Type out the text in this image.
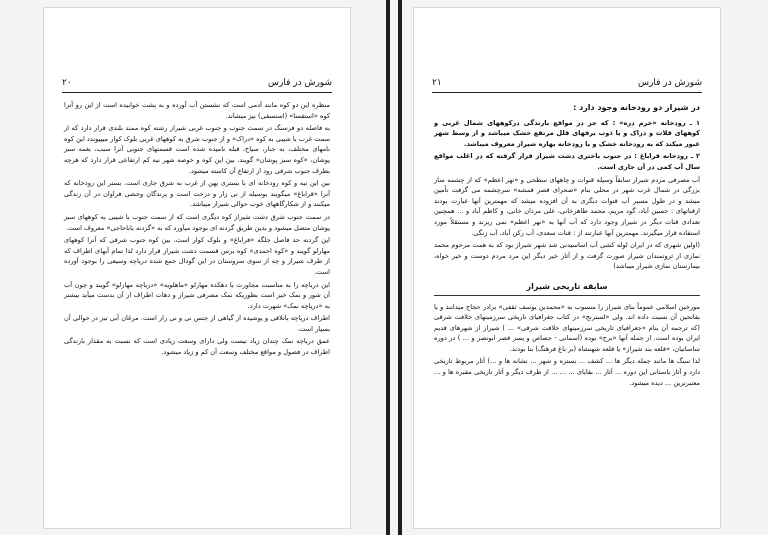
شورش در فارس
۲۰

منظره این دو کوه مانند آدمی است که نشستن آب آورده و به پشت خوابیده است از این رو آنرا کوه «استقسا» (استسقی) نیز میشاند.

به فاصله دو فرسنگ در سمت جنوب و جنوب غربی شیراز رشته کوه ممند بلندی قرار دارد که از سمت غرب با شیبی به کوه «دراک» و از جنوب شرق به کوههای غربی بلوک کوار میپیوندد این کوه نامهای مختلف، به جنار، سیاخ، قبله نامیده شده است قسمتهای جنوبی آنرا سبب، بغمه سبز پوشان، «کوه سبز پوشان» گویند. بین این کوه و خوصه شهر نیه کم ارتفاعی قرار دارد که هرچه بطرف جنوب شرقی رود از ارتفاع آن کاسته میشود.

بین این نیه و کوه رودخانه ای با بستری پهن از غرب به شرق جاری است. بستر این رودخانه که آنرا «قراباغ» میگویند بوسیله از نی زار و درخت است و پرندگان وحشی فراوان در آن زندگی میکنند و از شکارگاههای خوب حوالی شیراز میباشد.

در سمت جنوب شرق دشت شیراز کوه دیگری است که از سمت جنوب با شیبی به کوههای سبز پوشان متصل میشود و بدین طریق گردنه ای بوجود میآورد که به «گردنه باباحاجی» معروف است.

این گردنه حد فاصل جلگه «قراباغ» و بلوک کوار است. بین کوه جنوب شرقی که آنرا کوههای مهارلو گویند و «کوه احمدی» کوه برس قسمت دشت شیراز قرار دارد لذا تمام آبهای اطراف که از طرف شیراز و چه از سوی سروستان در این گودال جمع شده دریاچه وسیعی را بوجود آورده است.

این دریاچه را به مناسبت مجاورت با دهکده مهارلو «ماهلویه» «دریاچه مهارلو» گویند و چون آب آن شور و نمک خیز است بطوریکه نمک مصرفی شیراز و دهات اطراف از آن بدست میآید بیشتر به «دریاچه نمک» شهرت دارد.

اطراف دریاچه باتلاقی و پوشیده از گیاهی از جنس نی و نی زار است. مرغان آبی نیز در حوالی آن بسیار است.

عمق دریاچه نمک چندان زیاد نیست ولی دارای وسعت زیادی است که نسبت به مقدار بارندگی اطراف در فصول و مواقع مختلف وسعت آن کم و زیاد میشود.

شورش در فارس
۲۱
در شیراز دو رودخانه وجود دارد :

۱ ـ رودخانه «خرم دره» : که جز در مواقع بارندگی درکوههای شمال غربی و کوههای قلات و دراک و یا ذوب برفهای قلل مرتفع خشک میباشد و از وسط شهر عبور میکند که به رودخانه خشک و یا رودخانه بهاره شیراز معروف میباشد.

۲ ـ رودخانه قراباغ : در جنوب باختری دشت شیراز قرار گرفته که در اغلب مواقع سال آب کمی در آن جاری است.

آب مصرفی مردم شیراز سابقاً وسیله قنوات و چاههای سطحی و «نهر اعظم» که از چشمه سار بزرگی در شمال غرب شهر در محلی بنام «صحرای قصر قمشه» سرچشمه می گرفت تأمین میشد و در طول مسیر آب قنوات دیگری به آن افزوده میشد که مهمترین آنها عبارت بودند ازقناتهای : حسین آباد، گود مریم، محمد طاهرخانی، علی مردان خانی، و کاظم آباد و ... همچنین تعدادی قنات دیگر در شیراز وجود دارد که آب آنها به «نهر اعظم» نمی ریزند و مستقلاً مورد استفاده قرار میگیرند. مهمترین آنها عبارتند از : قنات سعدی، آب رکن آباد، آب زنگی.

(اولین شهری که در ایران لوله کشی آب اساسیدنی شد شهر شیراز بود که به همت مرحوم محمد نمازی از ثروتمندان شیراز صورت گرفت و از آثار خیر دیگر این مرد مردم دوست و خیر خواه، بیمارستان نمازی شیراز میباشد)

سابقه تاریخی شیراز

مورخین اسلامی عموماً بنای شیراز را منسوب به «محمدبن یوسف ثقفی» برادر حجاج میدانند و یا بفاتحین آن نسبت داده اند. ولی «لسترنج» در کتاب جغرافیای تاریخی سرزمینهای خلافت شرقی (که ترجمه آن بنام «جغرافیای تاریخی سرزمینهای خلافت شرقی» ... ) شیراز از شهرهای قدیم ایران بوده است. از جمله آنها «برج» بوده (آسمانی - جصاص و پسر قصر ابونصر و ... ) در دوره ساسانیان، «قلعه بند شیراز» یا قلعه شهنشاه (بر باغ فرهنگ) بنا بودند.

لذا سنگ ها مانند جمله دیگر ها ... کشف ... بستره و شهر ... نشانه ها و ...) آثار مربوط تاریخی دارد و آثار باستانی این دوره ... آثار ... بقایای ... ... ... از طرف دیگر و آثار تاریخی مقبره ها و ... معتبرترین ... دیده میشود.
